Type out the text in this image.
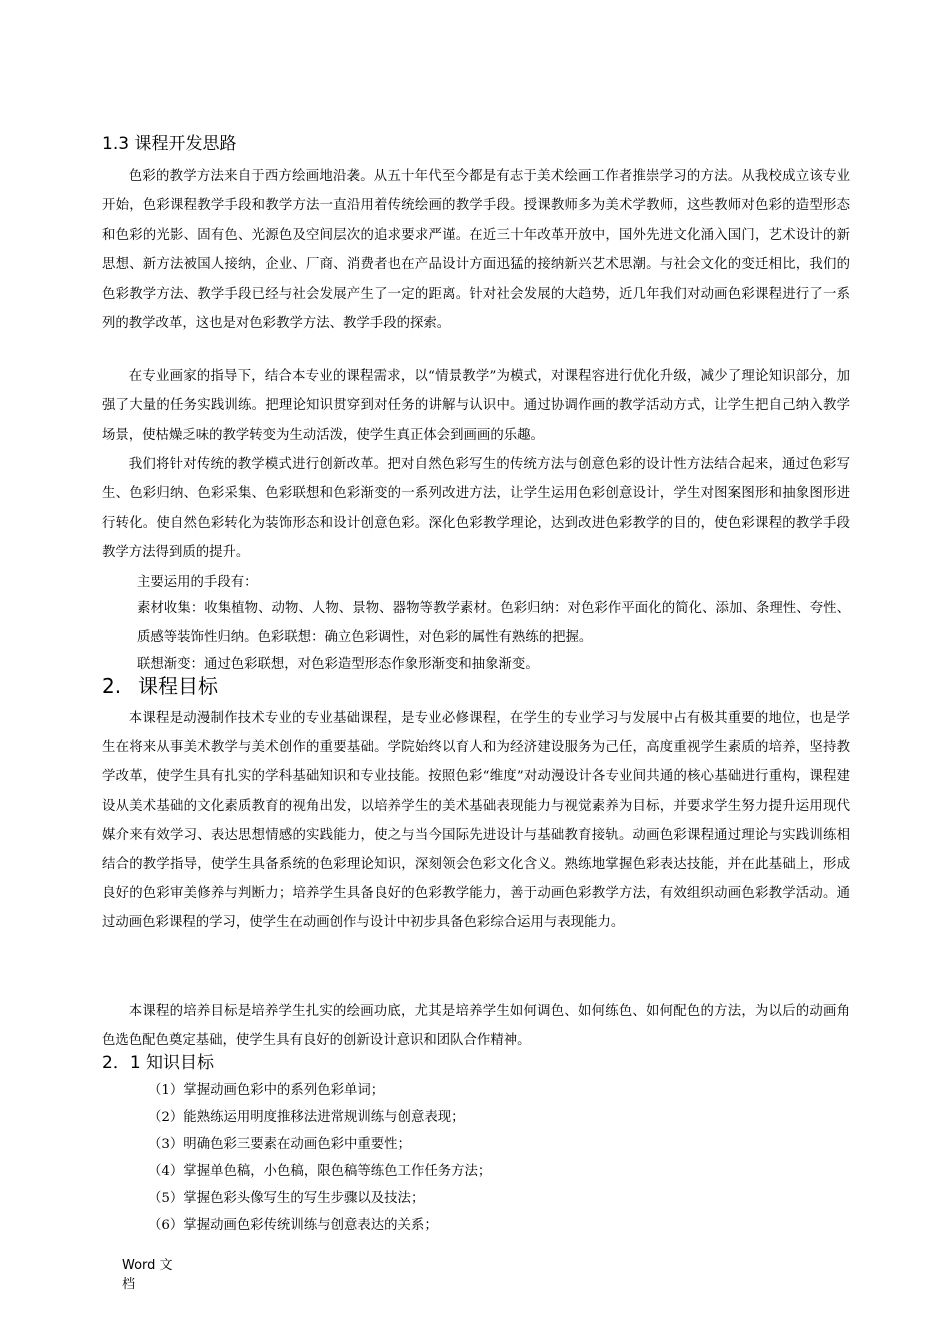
1.3 课程开发思路

色彩的教学方法来自于西方绘画地沿袭。从五十年代至今都是有志于美术绘画工作者推崇学习的方法。从我校成立该专业开始，色彩课程教学手段和教学方法一直沿用着传统绘画的教学手段。授课教师多为美术学教师，这些教师对色彩的造型形态和色彩的光影、固有色、光源色及空间层次的追求要求严谨。在近三十年改革开放中，国外先进文化涌入国门，艺术设计的新思想、新方法被国人接纳，企业、厂商、消费者也在产品设计方面迅猛的接纳新兴艺术思潮。与社会文化的变迁相比，我们的色彩教学方法、教学手段已经与社会发展产生了一定的距离。针对社会发展的大趋势，近几年我们对动画色彩课程进行了一系列的教学改革，这也是对色彩教学方法、教学手段的探索。

在专业画家的指导下，结合本专业的课程需求，以“情景教学”为模式，对课程容进行优化升级，减少了理论知识部分，加强了大量的任务实践训练。把理论知识贯穿到对任务的讲解与认识中。通过协调作画的教学活动方式，让学生把自己纳入教学场景，使枯燥乏味的教学转变为生动活泼，使学生真正体会到画画的乐趣。

我们将针对传统的教学模式进行创新改革。把对自然色彩写生的传统方法与创意色彩的设计性方法结合起来，通过色彩写生、色彩归纳、色彩采集、色彩联想和色彩渐变的一系列改进方法，让学生运用色彩创意设计，学生对图案图形和抽象图形进行转化。使自然色彩转化为装饰形态和设计创意色彩。深化色彩教学理论，达到改进色彩教学的目的，使色彩课程的教学手段教学方法得到质的提升。

主要运用的手段有：

素材收集：收集植物、动物、人物、景物、器物等教学素材。色彩归纳：对色彩作平面化的简化、添加、条理性、夸性、质感等装饰性归纳。色彩联想：确立色彩调性，对色彩的属性有熟练的把握。

联想渐变：通过色彩联想，对色彩造型形态作象形渐变和抽象渐变。
2. 课程目标

本课程是动漫制作技术专业的专业基础课程，是专业必修课程，在学生的专业学习与发展中占有极其重要的地位，也是学生在将来从事美术教学与美术创作的重要基础。学院始终以育人和为经济建设服务为己任，高度重视学生素质的培养，坚持教学改革，使学生具有扎实的学科基础知识和专业技能。按照色彩“维度”对动漫设计各专业间共通的核心基础进行重构，课程建设从美术基础的文化素质教育的视角出发，以培养学生的美术基础表现能力与视觉素养为目标，并要求学生努力提升运用现代媒介来有效学习、表达思想情感的实践能力，使之与当今国际先进设计与基础教育接轨。动画色彩课程通过理论与实践训练相结合的教学指导，使学生具备系统的色彩理论知识，深刻领会色彩文化含义。熟练地掌握色彩表达技能，并在此基础上，形成良好的色彩审美修养与判断力；培养学生具备良好的色彩教学能力，善于动画色彩教学方法，有效组织动画色彩教学活动。通过动画色彩课程的学习，使学生在动画创作与设计中初步具备色彩综合运用与表现能力。

本课程的培养目标是培养学生扎实的绘画功底，尤其是培养学生如何调色、如何练色、如何配色的方法，为以后的动画角色选色配色奠定基础，使学生具有良好的创新设计意识和团队合作精神。

2．1 知识目标
（1）掌握动画色彩中的系列色彩单词；
（2）能熟练运用明度推移法进常规训练与创意表现；
（3）明确色彩三要素在动画色彩中重要性；
（4）掌握单色稿，小色稿，限色稿等练色工作任务方法；
（5）掌握色彩头像写生的写生步骤以及技法；
（6）掌握动画色彩传统训练与创意表达的关系；
Word 文档
